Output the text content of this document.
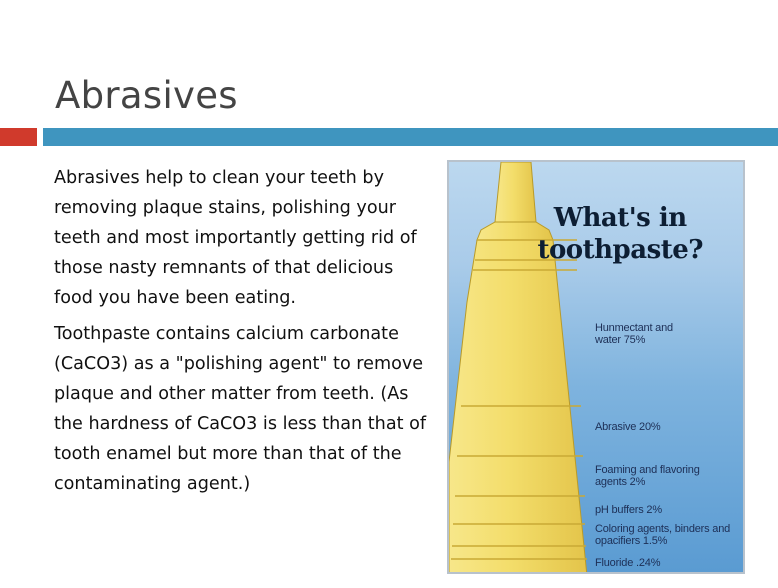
Abrasives

Abrasives help to clean your teeth by removing plaque stains, polishing your teeth and most importantly getting rid of those nasty remnants of that delicious food you have been eating.

Toothpaste contains calcium carbonate (CaCO3) as a "polishing agent" to remove plaque and other matter from teeth. (As the hardness of CaCO3 is less than that of tooth enamel but more than that of the contaminating agent.)

What's in
toothpaste?
Hunmectant and water 75%
Abrasive 20%
Foaming and flavoring agents 2%
pH buffers 2%
Coloring agents, binders and opacifiers 1.5%
Fluoride .24%
